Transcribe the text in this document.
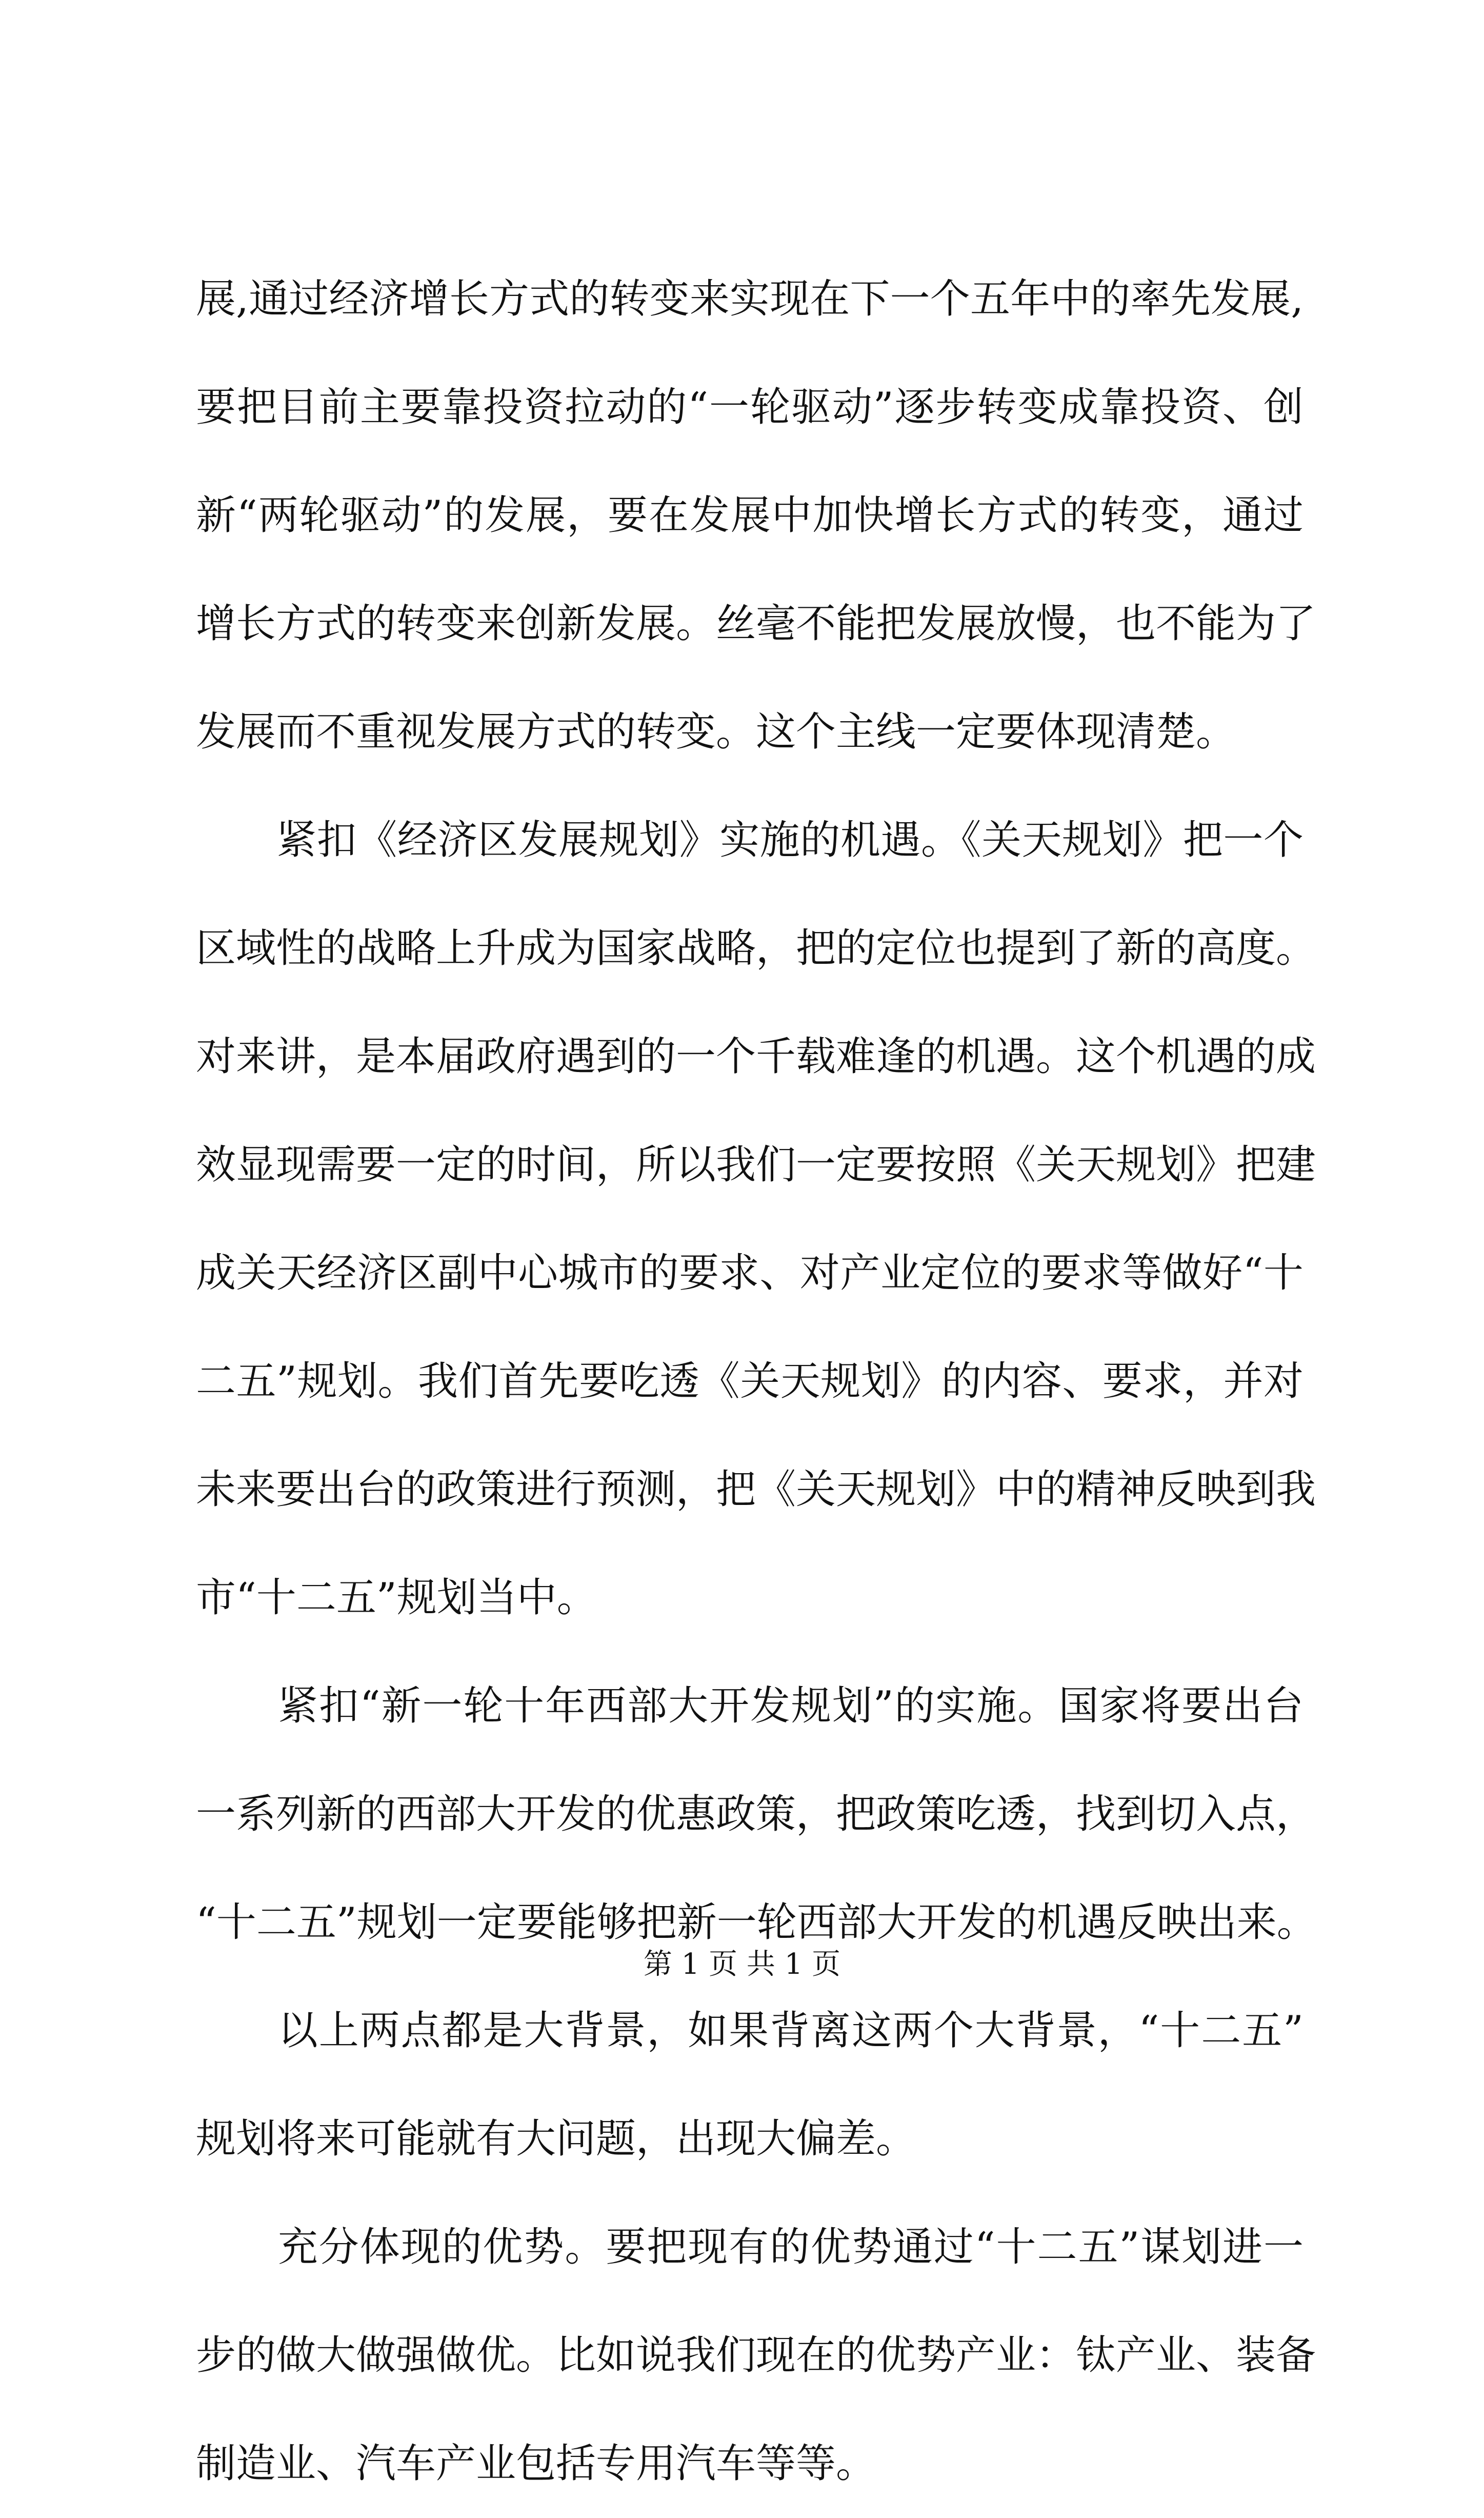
展,通过经济增长方式的转变来实现在下一个五年中的率先发展,
要把目前主要靠投资拉动的“一轮驱动”逐步转变成靠投资、创
新“两轮驱动”的发展，要在发展中加快增长方式的转变，通过
增长方式的转变来创新发展。丝毫不能把发展放慢，也不能为了
发展而不重视发展方式的转变。这个主线一定要体现清楚。
　　紧扣《经济区发展规划》实施的机遇。《关天规划》把一个
区域性的战略上升成为国家战略，把的定位也提到了新的高度。
对来讲，是本届政府遇到的一个千载难逢的机遇。这个机遇的成
效显现需要一定的时间，所以我们一定要按照《关天规划》把建
成关天经济区副中心城市的要求、对产业定位的要求等做好“十
二五”规划。我们首先要吃透《关天规划》的内容、要求，并对
未来要出台的政策进行预测，把《关天规划》中的精神反映到我
市“十二五”规划当中。
　　紧扣“新一轮十年西部大开发规划”的实施。国家将要出台
一系列新的西部大开发的优惠政策，把政策吃透，找到切入点，
“十二五”规划一定要能够把新一轮西部大开发的机遇反映出来。
　　以上两点都是大背景，如果背离这两个大背景，“十二五”
规划将来可能就有大问题，出现大偏差。
　　充分体现的优势。要把现有的优势通过“十二五”谋划进一
步的做大做强做优。比如说我们现在的优势产业：钛产业、装备
制造业、汽车产业包括专用汽车等等。
第 1 页 共 1 页
